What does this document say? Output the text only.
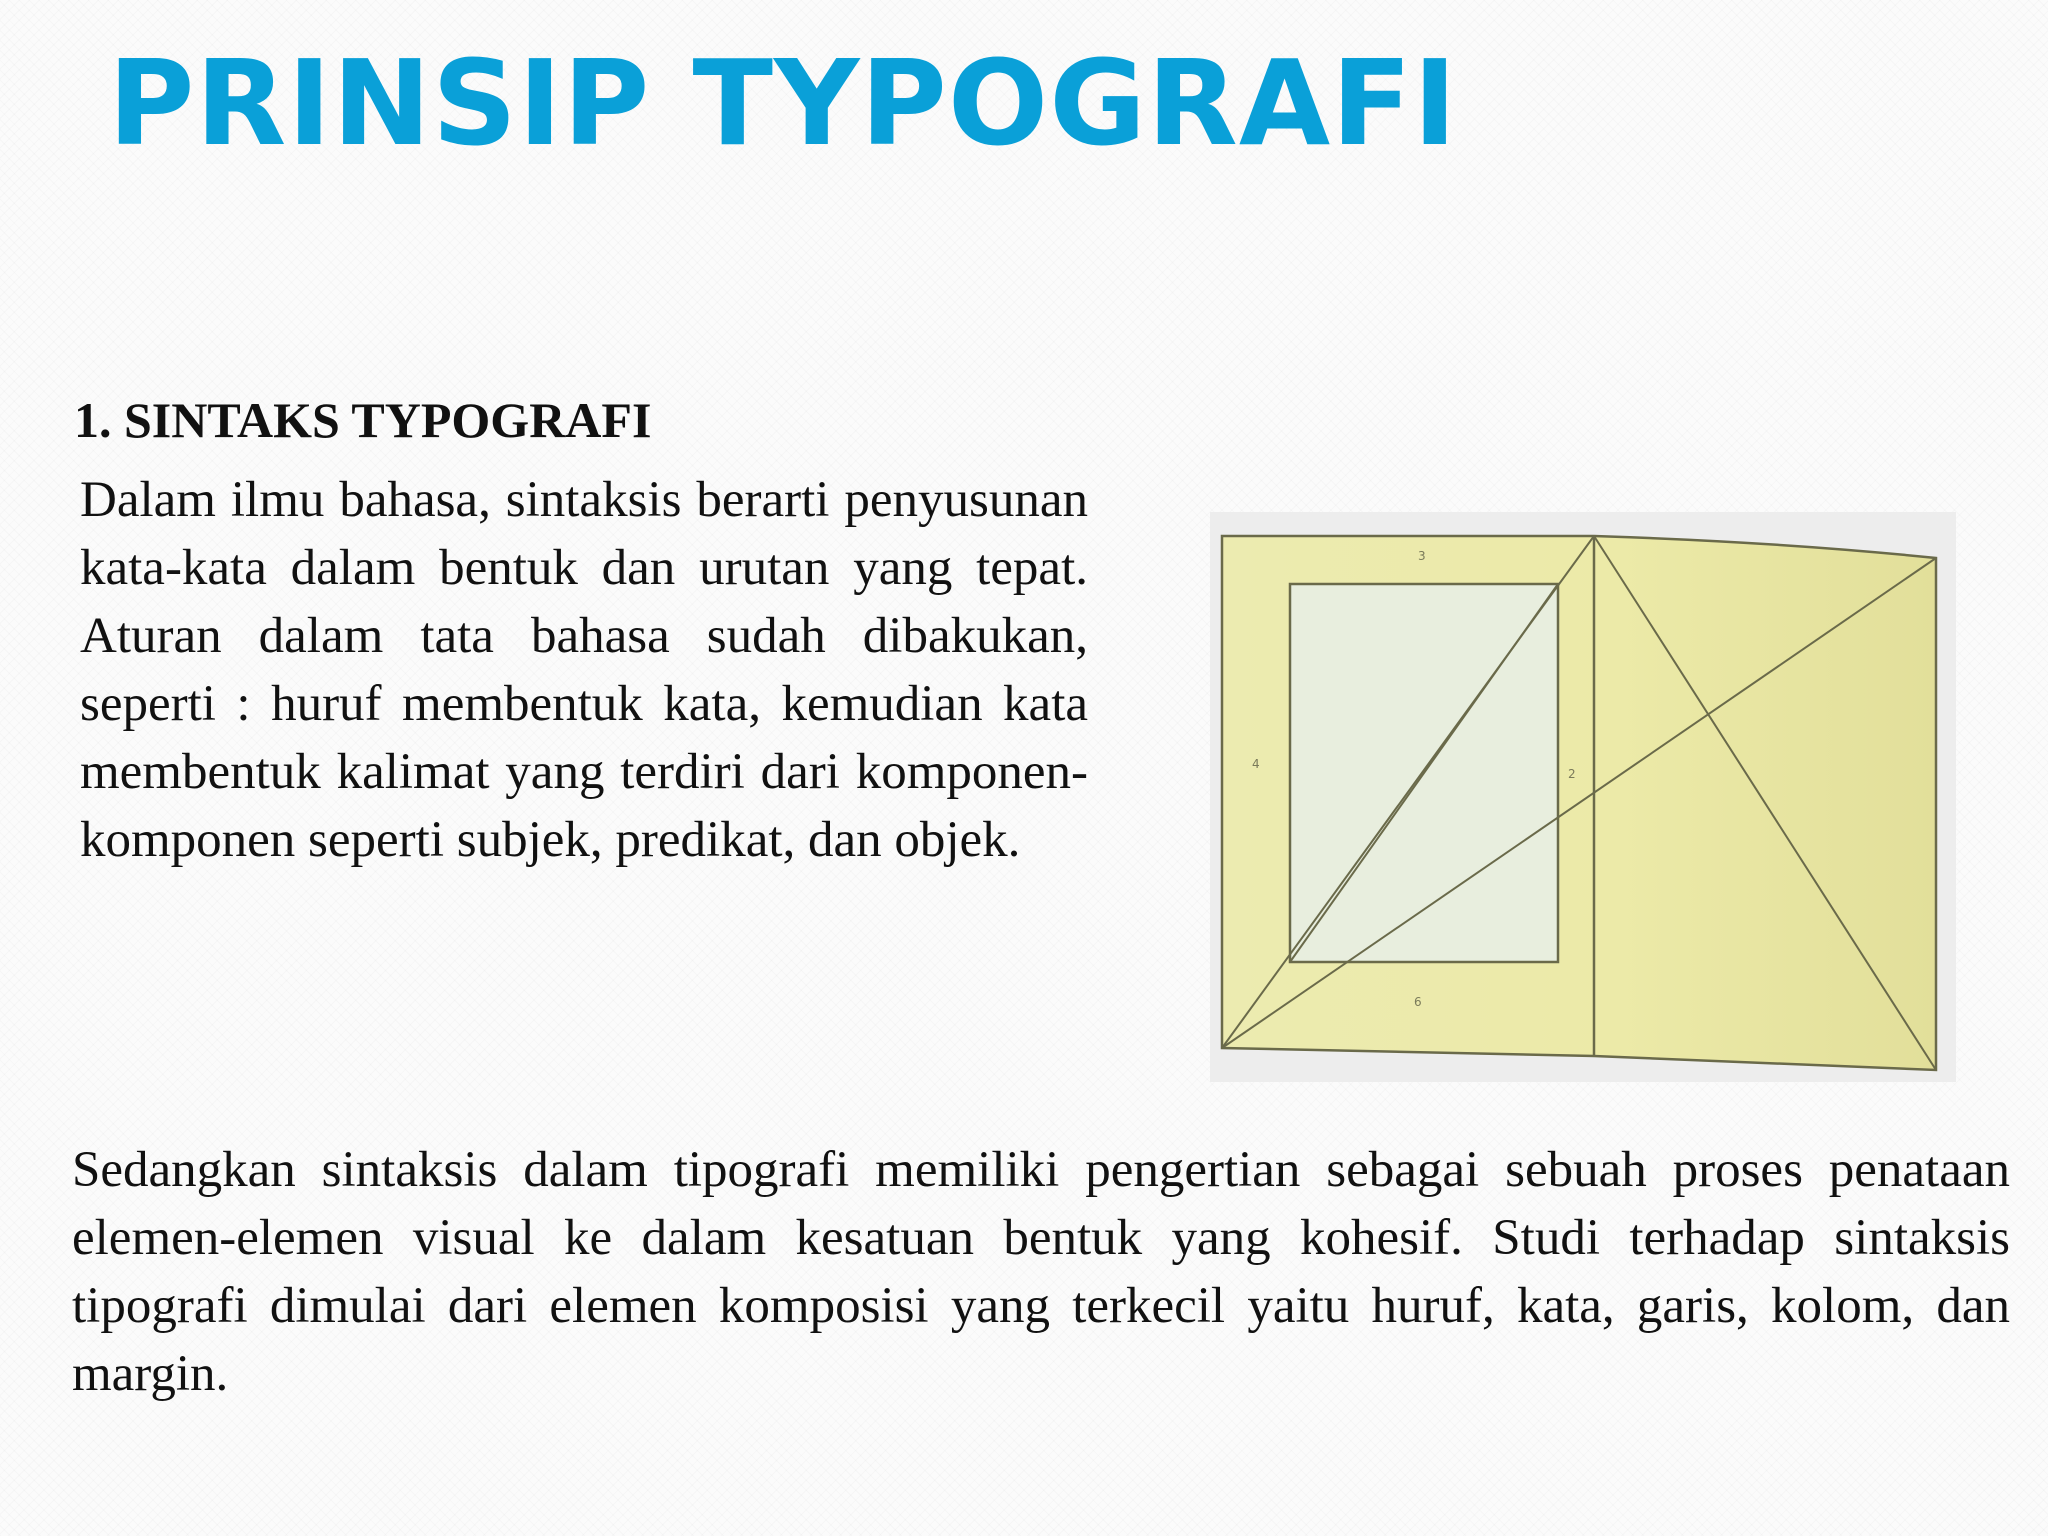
PRINSIP TYPOGRAFI
1. SINTAKS TYPOGRAFI

Dalam ilmu bahasa, sintaksis berarti penyusunan kata-kata dalam bentuk dan urutan yang tepat. Aturan dalam tata bahasa sudah dibakukan, seperti : huruf membentuk kata, kemudian kata membentuk kalimat yang terdiri dari komponen-komponen seperti subjek, predikat, dan objek.

3
4
2
6

Sedangkan sintaksis dalam tipografi memiliki pengertian sebagai sebuah proses penataan elemen-elemen visual ke dalam kesatuan bentuk yang kohesif. Studi terhadap sintaksis tipografi dimulai dari elemen komposisi yang terkecil yaitu huruf, kata, garis, kolom, dan margin.
